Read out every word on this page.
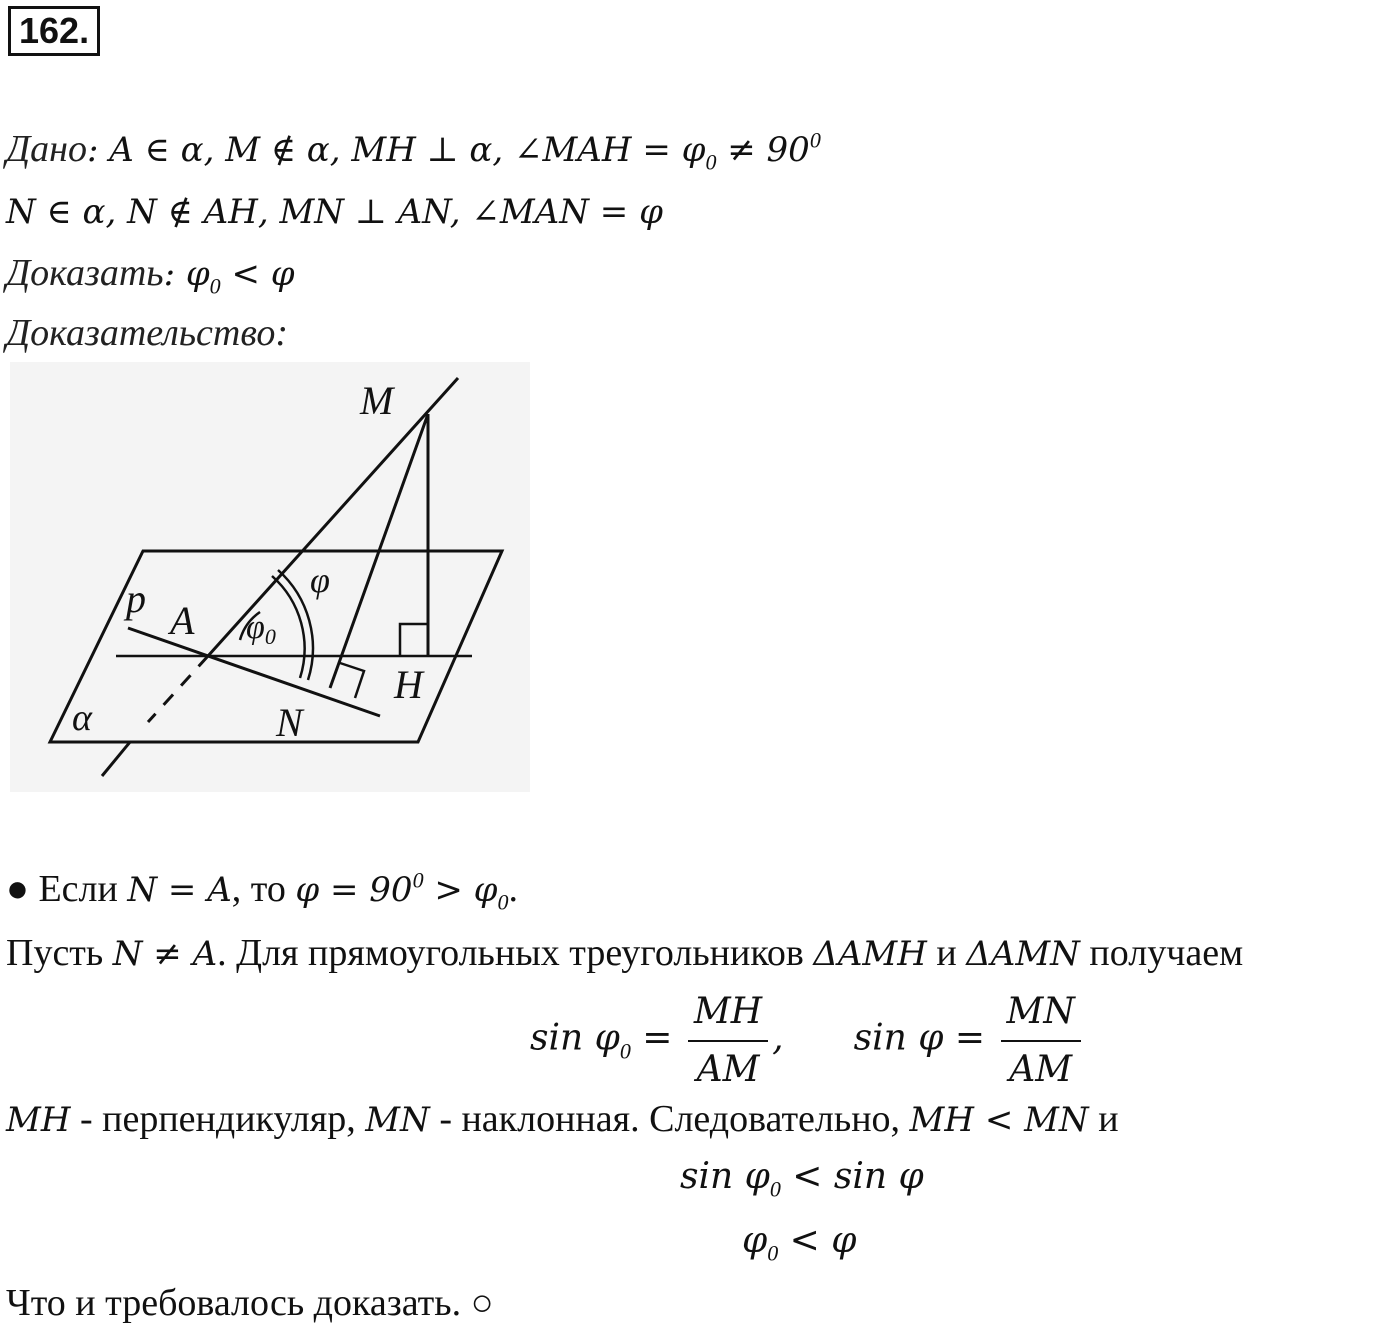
162.
Дано: A ∈ α, M ∉ α, MH ⊥ α, ∠MAH = $\varphi_0 \ne 90^0$
N ∈ α, N ∉ AH, MN ⊥ AN, ∠MAN = φ
Доказать: $\varphi_0 < \varphi$
Доказательство:
M
A
H
N
p
α
φ
φ0
● Если N = A, то $\varphi = 90^0 > \varphi_0$.
Пусть N ≠ A. Для прямоугольных треугольников ΔAMH и ΔAMN получаем
$\sin \varphi_0 = \frac{MH}{AM}$ , $\sin \varphi = \frac{MN}{AM}$
MH - перпендикуляр, MN - наклонная. Следовательно, MH < MN и
$\sin \varphi_0 < \sin \varphi$
$\varphi_0 < \varphi$
Что и требовалось доказать. ○
